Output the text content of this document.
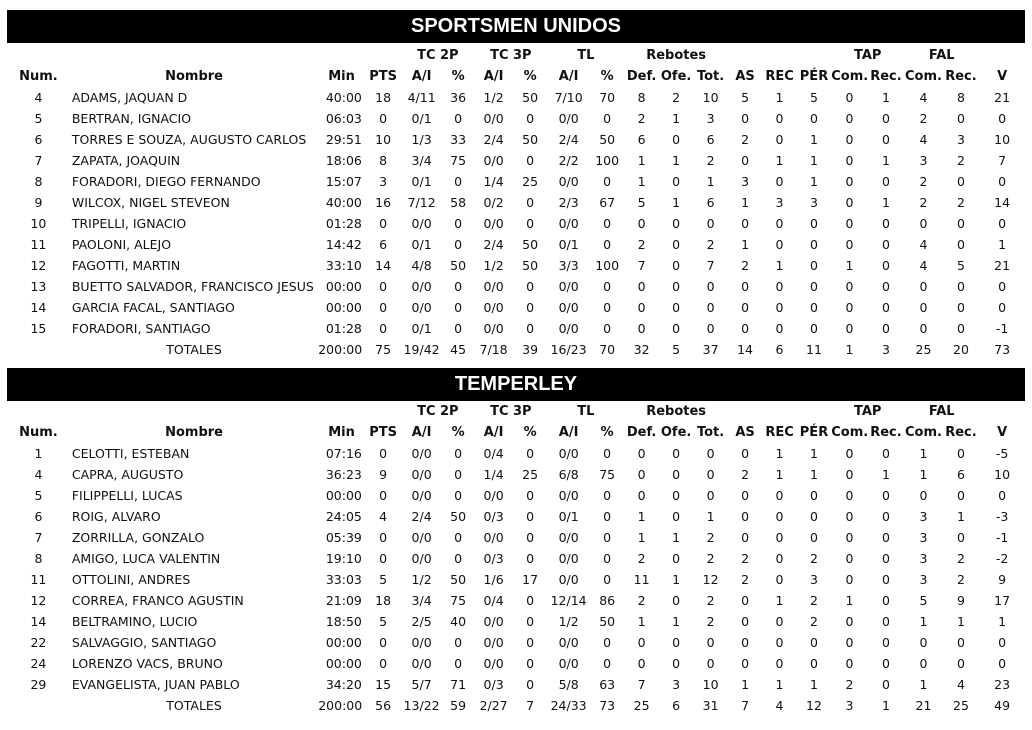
SPORTSMEN UNIDOS
				TC 2P		TC 3P		TL		Rebotes						TAP		FAL		
Num.	Nombre	Min	PTS	A/I	%	A/I	%	A/I	%	Def.	Ofe.	Tot.	AS	REC	PÉR	Com.	Rec.	Com.	Rec.	V
4	ADAMS, JAQUAN D	40:00	18	4/11	36	1/2	50	7/10	70	8	2	10	5	1	5	0	1	4	8	21
5	BERTRAN, IGNACIO	06:03	0	0/1	0	0/0	0	0/0	0	2	1	3	0	0	0	0	0	2	0	0
6	TORRES E SOUZA, AUGUSTO CARLOS	29:51	10	1/3	33	2/4	50	2/4	50	6	0	6	2	0	1	0	0	4	3	10
7	ZAPATA, JOAQUIN	18:06	8	3/4	75	0/0	0	2/2	100	1	1	2	0	1	1	0	1	3	2	7
8	FORADORI, DIEGO FERNANDO	15:07	3	0/1	0	1/4	25	0/0	0	1	0	1	3	0	1	0	0	2	0	0
9	WILCOX, NIGEL STEVEON	40:00	16	7/12	58	0/2	0	2/3	67	5	1	6	1	3	3	0	1	2	2	14
10	TRIPELLI, IGNACIO	01:28	0	0/0	0	0/0	0	0/0	0	0	0	0	0	0	0	0	0	0	0	0
11	PAOLONI, ALEJO	14:42	6	0/1	0	2/4	50	0/1	0	2	0	2	1	0	0	0	0	4	0	1
12	FAGOTTI, MARTIN	33:10	14	4/8	50	1/2	50	3/3	100	7	0	7	2	1	0	1	0	4	5	21
13	BUETTO SALVADOR, FRANCISCO JESUS	00:00	0	0/0	0	0/0	0	0/0	0	0	0	0	0	0	0	0	0	0	0	0
14	GARCIA FACAL, SANTIAGO	00:00	0	0/0	0	0/0	0	0/0	0	0	0	0	0	0	0	0	0	0	0	0
15	FORADORI, SANTIAGO	01:28	0	0/1	0	0/0	0	0/0	0	0	0	0	0	0	0	0	0	0	0	-1
	TOTALES	200:00	75	19/42	45	7/18	39	16/23	70	32	5	37	14	6	11	1	3	25	20	73
TEMPERLEY
				TC 2P		TC 3P		TL		Rebotes						TAP		FAL		
Num.	Nombre	Min	PTS	A/I	%	A/I	%	A/I	%	Def.	Ofe.	Tot.	AS	REC	PÉR	Com.	Rec.	Com.	Rec.	V
1	CELOTTI, ESTEBAN	07:16	0	0/0	0	0/4	0	0/0	0	0	0	0	0	1	1	0	0	1	0	-5
4	CAPRA, AUGUSTO	36:23	9	0/0	0	1/4	25	6/8	75	0	0	0	2	1	1	0	1	1	6	10
5	FILIPPELLI, LUCAS	00:00	0	0/0	0	0/0	0	0/0	0	0	0	0	0	0	0	0	0	0	0	0
6	ROIG, ALVARO	24:05	4	2/4	50	0/3	0	0/1	0	1	0	1	0	0	0	0	0	3	1	-3
7	ZORRILLA, GONZALO	05:39	0	0/0	0	0/0	0	0/0	0	1	1	2	0	0	0	0	0	3	0	-1
8	AMIGO, LUCA VALENTIN	19:10	0	0/0	0	0/3	0	0/0	0	2	0	2	2	0	2	0	0	3	2	-2
11	OTTOLINI, ANDRES	33:03	5	1/2	50	1/6	17	0/0	0	11	1	12	2	0	3	0	0	3	2	9
12	CORREA, FRANCO AGUSTIN	21:09	18	3/4	75	0/4	0	12/14	86	2	0	2	0	1	2	1	0	5	9	17
14	BELTRAMINO, LUCIO	18:50	5	2/5	40	0/0	0	1/2	50	1	1	2	0	0	2	0	0	1	1	1
22	SALVAGGIO, SANTIAGO	00:00	0	0/0	0	0/0	0	0/0	0	0	0	0	0	0	0	0	0	0	0	0
24	LORENZO VACS, BRUNO	00:00	0	0/0	0	0/0	0	0/0	0	0	0	0	0	0	0	0	0	0	0	0
29	EVANGELISTA, JUAN PABLO	34:20	15	5/7	71	0/3	0	5/8	63	7	3	10	1	1	1	2	0	1	4	23
	TOTALES	200:00	56	13/22	59	2/27	7	24/33	73	25	6	31	7	4	12	3	1	21	25	49
